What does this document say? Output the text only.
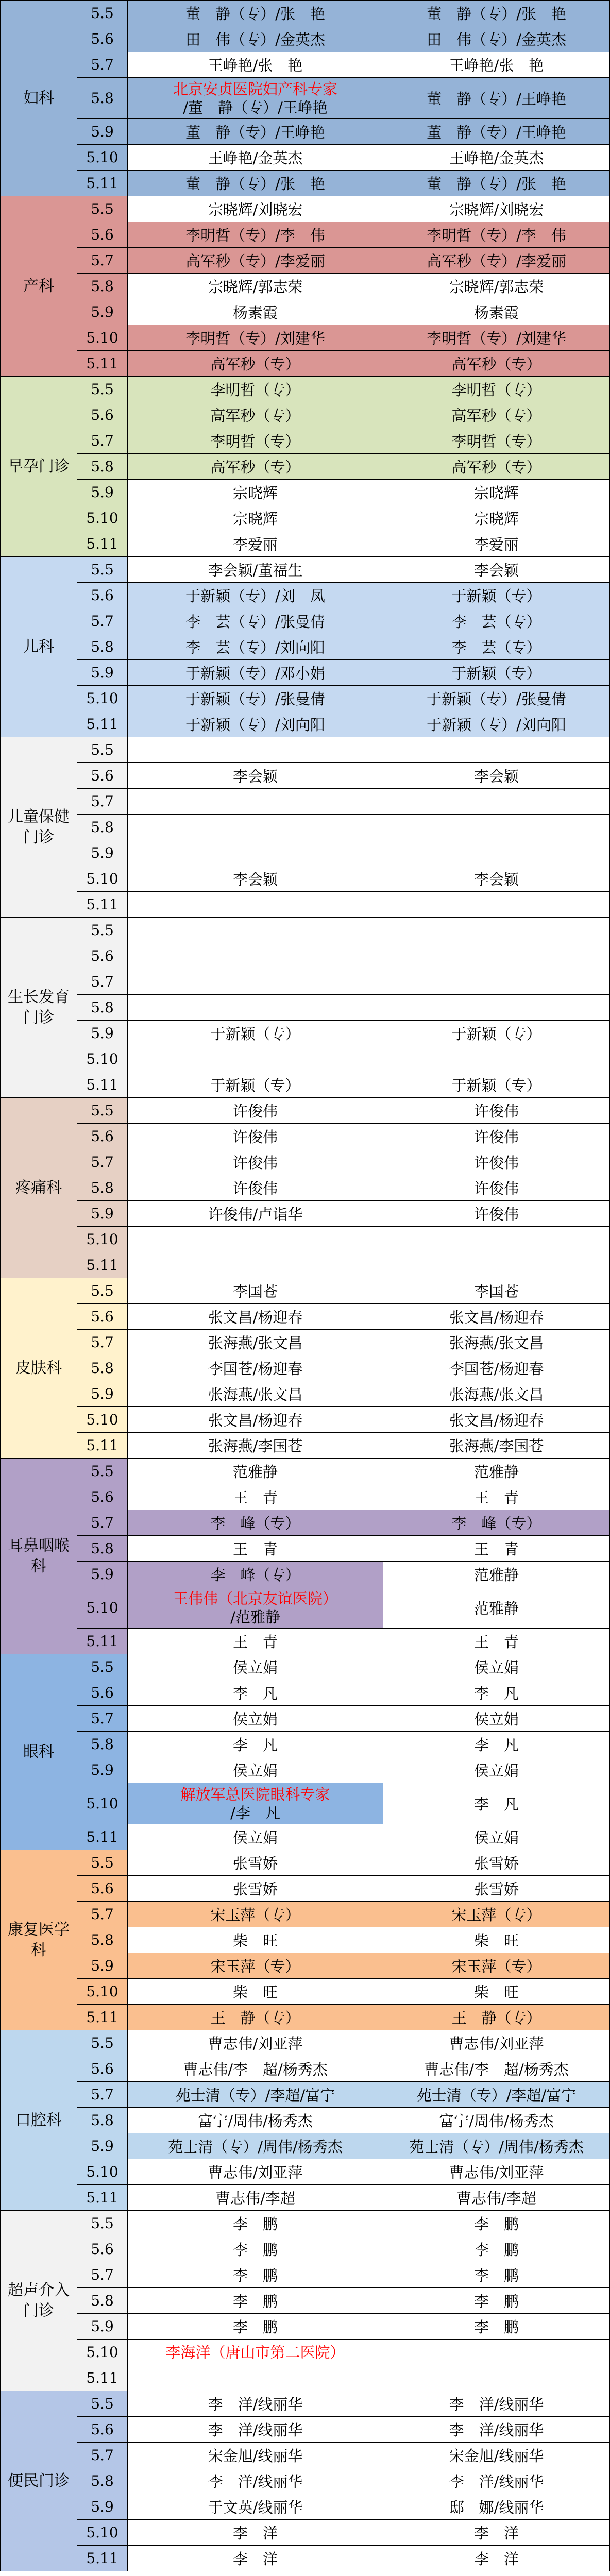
妇科
5.5	董　静（专）/张　艳	董　静（专）/张　艳
5.6	田　伟（专）/金英杰	田　伟（专）/金英杰
5.7	王峥艳/张　艳	王峥艳/张　艳
5.8
北京安贞医院妇产科专家
/董　静（专）/王峥艳	董　静（专）/王峥艳
5.9	董　静（专）/王峥艳	董　静（专）/王峥艳
5.10	王峥艳/金英杰	王峥艳/金英杰
5.11	董　静（专）/张　艳	董　静（专）/张　艳
产科
5.5	宗晓辉/刘晓宏	宗晓辉/刘晓宏
5.6	李明哲（专）/李　伟	李明哲（专）/李　伟
5.7	高军秒（专）/李爱丽	高军秒（专）/李爱丽
5.8	宗晓辉/郭志荣	宗晓辉/郭志荣
5.9	杨素霞	杨素霞
5.10	李明哲（专）/刘建华	李明哲（专）/刘建华
5.11	高军秒（专）	高军秒（专）
早孕门诊
5.5	李明哲（专）	李明哲（专）
5.6	高军秒（专）	高军秒（专）
5.7	李明哲（专）	李明哲（专）
5.8	高军秒（专）	高军秒（专）
5.9	宗晓辉	宗晓辉
5.10	宗晓辉	宗晓辉
5.11	李爱丽	李爱丽
儿科
5.5	李会颖/董福生	李会颖
5.6	于新颖（专）/刘　凤	于新颖（专）
5.7	李　芸（专）/张曼倩	李　芸（专）
5.8	李　芸（专）/刘向阳	李　芸（专）
5.9	于新颖（专）/邓小娟	于新颖（专）
5.10	于新颖（专）/张曼倩	于新颖（专）/张曼倩
5.11	于新颖（专）/刘向阳	于新颖（专）/刘向阳
儿童保健门诊
5.5
5.6	李会颖	李会颖
5.7
5.8
5.9
5.10	李会颖	李会颖
5.11
生长发育门诊
5.5
5.6
5.7
5.8
5.9	于新颖（专）	于新颖（专）
5.10
5.11	于新颖（专）	于新颖（专）
疼痛科
5.5	许俊伟	许俊伟
5.6	许俊伟	许俊伟
5.7	许俊伟	许俊伟
5.8	许俊伟	许俊伟
5.9	许俊伟/卢诣华	许俊伟
5.10
5.11
皮肤科
5.5	李国苍	李国苍
5.6	张文昌/杨迎春	张文昌/杨迎春
5.7	张海燕/张文昌	张海燕/张文昌
5.8	李国苍/杨迎春	李国苍/杨迎春
5.9	张海燕/张文昌	张海燕/张文昌
5.10	张文昌/杨迎春	张文昌/杨迎春
5.11	张海燕/李国苍	张海燕/李国苍
耳鼻咽喉科
5.5	范雅静	范雅静
5.6	王　青	王　青
5.7	李　峰（专）	李　峰（专）
5.8	王　青	王　青
5.9	李　峰（专）	范雅静
5.10
王伟伟（北京友谊医院）
/范雅静	范雅静
5.11	王　青	王　青
眼科
5.5	侯立娟	侯立娟
5.6	李　凡	李　凡
5.7	侯立娟	侯立娟
5.8	李　凡	李　凡
5.9	侯立娟	侯立娟
5.10
解放军总医院眼科专家
/李　凡	李　凡
5.11	侯立娟	侯立娟
康复医学科
5.5	张雪娇	张雪娇
5.6	张雪娇	张雪娇
5.7	宋玉萍（专）	宋玉萍（专）
5.8	柴　旺	柴　旺
5.9	宋玉萍（专）	宋玉萍（专）
5.10	柴　旺	柴　旺
5.11	王　静（专）	王　静（专）
口腔科
5.5	曹志伟/刘亚萍	曹志伟/刘亚萍
5.6	曹志伟/李　超/杨秀杰	曹志伟/李　超/杨秀杰
5.7	苑士清（专）/李超/富宁	苑士清（专）/李超/富宁
5.8	富宁/周伟/杨秀杰	富宁/周伟/杨秀杰
5.9	苑士清（专）/周伟/杨秀杰	苑士清（专）/周伟/杨秀杰
5.10	曹志伟/刘亚萍	曹志伟/刘亚萍
5.11	曹志伟/李超	曹志伟/李超
超声介入门诊
5.5	李　鹏	李　鹏
5.6	李　鹏	李　鹏
5.7	李　鹏	李　鹏
5.8	李　鹏	李　鹏
5.9	李　鹏	李　鹏
5.10	李海洋（唐山市第二医院）
5.11
便民门诊
5.5	李　洋/线丽华	李　洋/线丽华
5.6	李　洋/线丽华	李　洋/线丽华
5.7	宋金旭/线丽华	宋金旭/线丽华
5.8	李　洋/线丽华	李　洋/线丽华
5.9	于文英/线丽华	邸　娜/线丽华
5.10	李　洋	李　洋
5.11	李　洋	李　洋
